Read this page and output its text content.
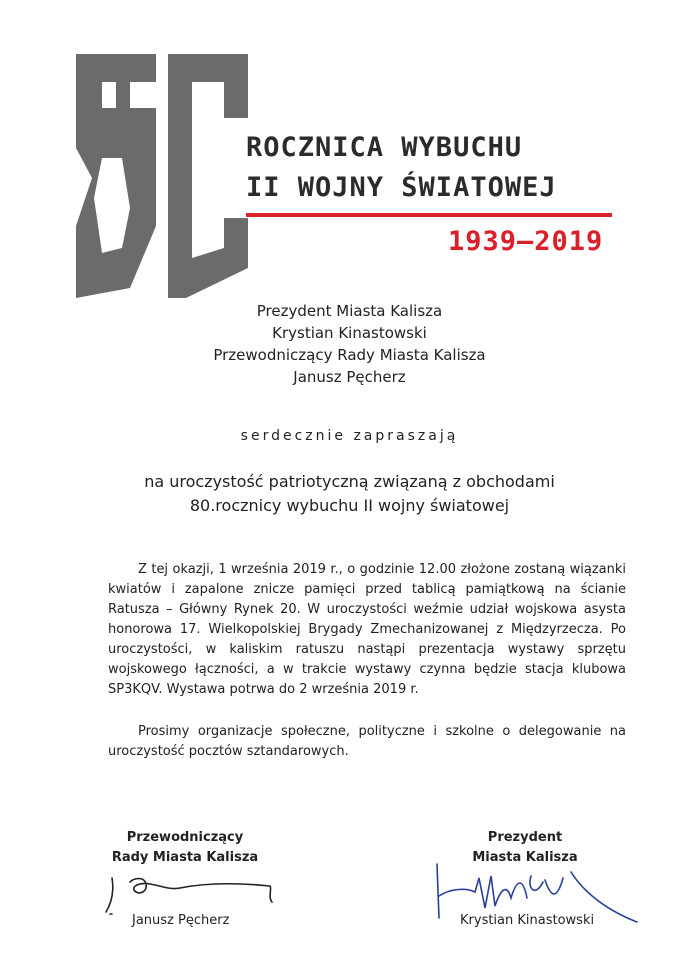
ROCZNICA WYBUCHU
II WOJNY ŚWIATOWEJ
1939–2019
Prezydent Miasta Kalisza
Krystian Kinastowski
Przewodniczący Rady Miasta Kalisza
Janusz Pęcherz
serdecznie zapraszają
na uroczystość patriotyczną związaną z obchodami
80.rocznicy wybuchu II wojny światowej

Z tej okazji, 1 września 2019 r., o godzinie 12.00 złożone zostaną wiązanki kwiatów i zapalone znicze pamięci przed tablicą pamiątkową na ścianie Ratusza – Główny Rynek 20. W uroczystości weźmie udział wojskowa asysta honorowa 17. Wielkopolskiej Brygady Zmechanizowanej z Międzyrzecza. Po uroczystości, w kaliskim ratuszu nastąpi prezentacja wystawy sprzętu wojskowego łączności, a w trakcie wystawy czynna będzie stacja klubowa SP3KQV. Wystawa potrwa do 2 września 2019 r.

Prosimy organizacje społeczne, polityczne i szkolne o delegowanie na uroczystość pocztów sztandarowych.

Przewodniczący
Rady Miasta Kalisza
Janusz Pęcherz
Prezydent
Miasta Kalisza
Krystian Kinastowski
